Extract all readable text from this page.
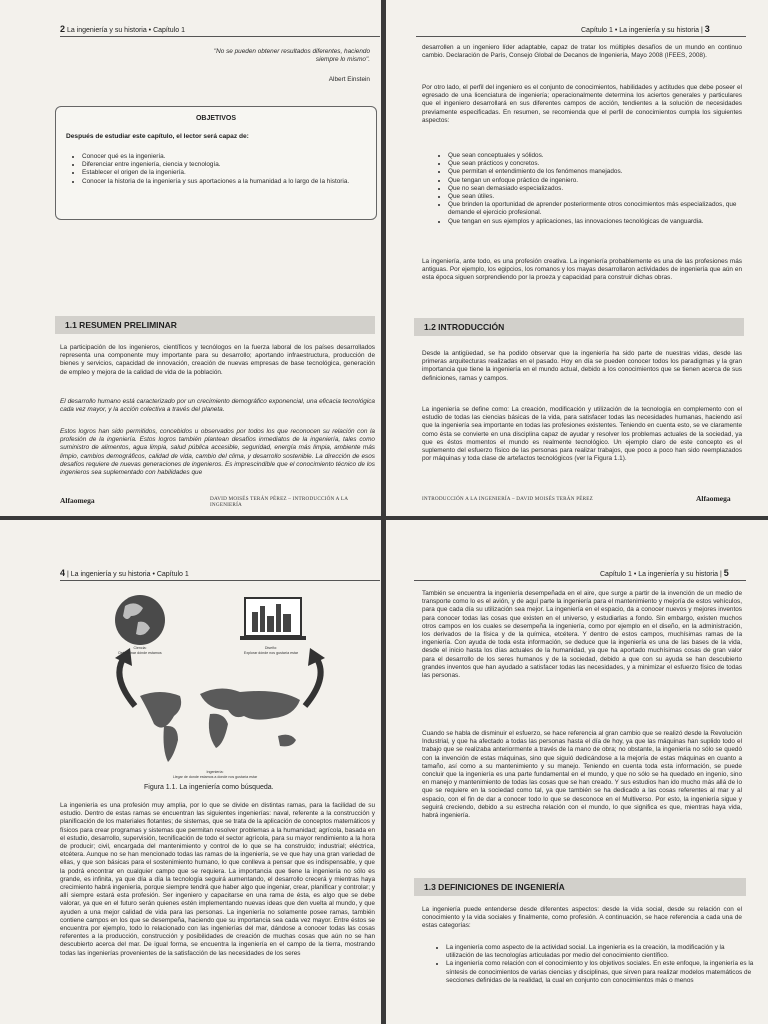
2 La ingeniería y su historia • Capítulo 1
"No se pueden obtener resultados diferentes, haciendo siempre lo mismo".
Albert Einstein
OBJETIVOS
Después de estudiar este capítulo, el lector será capaz de:
• Conocer qué es la ingeniería.
• Diferenciar entre ingeniería, ciencia y tecnología.
• Establecer el origen de la ingeniería.
• Conocer la historia de la ingeniería y sus aportaciones a la humanidad a lo largo de la historia.
1.1 RESUMEN PRELIMINAR

La participación de los ingenieros, científicos y tecnólogos en la fuerza laboral de los países desarrollados representa una componente muy importante para su desarrollo; aportando infraestructura, producción de bienes y servicios, capacidad de innovación, creación de nuevas empresas de base tecnológica, generación de empleo y mejora de la calidad de vida de la población.

El desarrollo humano está caracterizado por un crecimiento demográfico exponencial, una eficacia tecnológica cada vez mayor, y la acción colectiva a través del planeta.

Estos logros han sido permitidos, concebidos u observados por todos los que reconocen su relación con la profesión de la ingeniería. Estos logros también plantean desafíos inmediatos de la ingeniería, tales como suministro de alimentos, agua limpia, salud pública accesible, seguridad, energía más limpia, ambiente más limpio, cambios demográficos, calidad de vida, cambio del clima, y desarrollo sostenible. La dirección de esos desafíos requiere de nuevas generaciones de ingenieros. Es imprescindible que el conocimiento técnico de los ingenieros sea suplementado con habilidades que

Alfaomega	DAVID MOISÉS TERÁN PÉREZ – INTRODUCCIÓN A LA INGENIERÍA
Capítulo 1 • La ingeniería y su historia | 3

desarrollen a un ingeniero líder adaptable, capaz de tratar los múltiples desafíos de un mundo en continuo cambio. Declaración de París, Consejo Global de Decanos de Ingeniería, Mayo 2008 (IFEES, 2008).

Por otro lado, el perfil del ingeniero es el conjunto de conocimientos, habilidades y actitudes que debe poseer el egresado de una licenciatura de ingeniería; operacionalmente determina los aciertos generales y particulares que el ingeniero desarrollará en sus diferentes campos de acción, tendientes a la solución de necesidades previamente especificadas. En resumen, se recomienda que el perfil de conocimientos cumpla los siguientes aspectos:

• Que sean conceptuales y sólidos.
• Que sean prácticos y concretos.
• Que permitan el entendimiento de los fenómenos manejados.
• Que tengan un enfoque práctico de ingeniero.
• Que no sean demasiado especializados.
• Que sean útiles.
• Que brinden la oportunidad de aprender posteriormente otros conocimientos más especializados, que demande el ejercicio profesional.
• Que tengan en sus ejemplos y aplicaciones, las innovaciones tecnológicas de vanguardia.

La ingeniería, ante todo, es una profesión creativa. La ingeniería probablemente es una de las profesiones más antiguas. Por ejemplo, los egipcios, los romanos y los mayas desarrollaron actividades de ingeniería que aún en esta época siguen sorprendiendo por la proeza y capacidad para construir dichas obras.

1.2 INTRODUCCIÓN

Desde la antigüedad, se ha podido observar que la ingeniería ha sido parte de nuestras vidas, desde las primeras arquitecturas realizadas en el pasado. Hoy en día se pueden conocer todos los paradigmas y la gran importancia que tiene la ingeniería en el mundo actual, debido a los conocimientos que se tienen acerca de sus definiciones, ramas y campos.

La ingeniería se define como: La creación, modificación y utilización de la tecnología en complemento con el estudio de todas las ciencias básicas de la vida, para satisfacer todas las necesidades humanas, haciendo así que la ingeniería sea importante en todas las profesiones existentes. Teniendo en cuenta esto, se ve claramente como ésta se convierte en una disciplina capaz de ayudar y resolver los problemas actuales de la sociedad, ya que es éstos momentos el mundo es realmente tecnológico. Un ejemplo claro de este concepto es el suplemento del esfuerzo físico de las personas para realizar trabajos, que poco a poco han sido reemplazados por máquinas y toda clase de artefactos tecnológicos (ver la Figura 1.1).

INTRODUCCIÓN A LA INGENIERÍA – DAVID MOISÉS TERÁN PÉREZ	Alfaomega
4 | La ingeniería y su historia • Capítulo 1
Ciencia:
Determinar dónde estamos
Diseño:
Explorar dónde nos gustaría estar
Ingeniería:
Llegar de donde estamos a donde nos gustaría estar
Figura 1.1. La ingeniería como búsqueda.

La ingeniería es una profesión muy amplia, por lo que se divide en distintas ramas, para la facilidad de su estudio. Dentro de estas ramas se encuentran las siguientes ingenierías: naval, referente a la construcción y planificación de los materiales flotantes; de sistemas, que se trata de la aplicación de conceptos matemáticos y físicos para crear programas y sistemas que permitan resolver problemas a la humanidad; agrícola, basada en el estudio, desarrollo, supervisión, tecnificación de todo el sector agrícola, para su mayor rendimiento a la hora de producir; civil, encargada del mantenimiento y control de lo que se ha construido; industrial; eléctrica, etcétera. Aunque no se han mencionado todas las ramas de la ingeniería, se ve que hay una gran variedad de ellas, y que son básicas para el sostenimiento humano, lo que conlleva a pensar que es indispensable, y que la podrá encontrar en cualquier campo que se requiera. La importancia que tiene la ingeniería no sólo es grande, es infinita, ya que día a día la tecnología seguirá aumentando, el desarrollo crecerá y mientras haya crecimiento habrá ingeniería, porque siempre tendrá que haber algo que ingeniar, crear, planificar y controlar; y allí siempre estará esta profesión. Ser ingeniero y capacitarse en una rama de ésta, es algo que se debe valorar, ya que en el futuro serán quienes estén implementando nuevas ideas que den vuelta al mundo, y que ayuden a una mejor calidad de vida para las personas. La ingeniería no solamente posee ramas, también contiene campos en los que se desempeña, haciendo que su importancia sea cada vez mayor. Entre éstos se encuentra por ejemplo, todo lo relacionado con las ingenierías del mar, dándose a conocer todas las cosas referentes a la producción, construcción y posibilidades de creación de muchas cosas que aún no se han descubierto acerca del mar. De igual forma, se encuentra la ingeniería en el campo de la tierra, mostrando todas las ingenierías provenientes de la satisfacción de las necesidades de los seres

Capítulo 1 • La ingeniería y su historia | 5

También se encuentra la ingeniería desempeñada en el aire, que surge a partir de la invención de un medio de transporte como lo es el avión, y de aquí parte la ingeniería para el mantenimiento y mejoría de estos vehículos, para que cada día su utilización sea mejor. La ingeniería en el espacio, da a conocer nuevos y mejores inventos para conocer todas las cosas que existen en el universo, y estudiarlas a fondo. Sin embargo, existen muchos otros campos en los cuales se desempeña la ingeniería, como por ejemplo en el diseño, en la administración, los derivados de la física y de la química, etcétera. Y dentro de estos campos, muchísimas ramas de la ingeniería. Con ayuda de toda esta información, se deduce que la ingeniería es una de las bases de la vida, desde el inicio hasta los días actuales de la humanidad, ya que ha aportado muchísimas cosas de gran valor para el desarrollo de los seres humanos y de la sociedad, debido a que con su ayuda se han descubierto grandes inventos que han ayudado a satisfacer todas las necesidades, y a minimizar el esfuerzo físico de todas las personas.

Cuando se habla de disminuir el esfuerzo, se hace referencia al gran cambio que se realizó desde la Revolución Industrial, y que ha afectado a todas las personas hasta el día de hoy, ya que las máquinas han suplido todo el trabajo que se realizaba anteriormente a través de la mano de obra; no obstante, la ingeniería no sólo se quedó con la invención de estas máquinas, sino que siguió dedicándose a la mejoría de estas máquinas en cuanto a tamaño, así como a su mantenimiento y su manejo. Teniendo en cuenta toda esta información, se puede concluir que la ingeniería es una parte fundamental en el mundo, y que no sólo se ha quedado en ingenio, sino en manejo y mantenimiento de todas las cosas que se han creado. Y sus estudios han ido mucho más allá de lo que se requiere en la sociedad como tal, ya que también se ha dedicado a las cosas referentes al mar y al espacio, con el fin de dar a conocer todo lo que se desconoce en el Multiverso. Por esto, la ingeniería sigue y seguirá creciendo, debido a su estrecha relación con el mundo, lo que significa es que, mientras haya vida, habrá ingeniería.

1.3 DEFINICIONES DE INGENIERÍA

La ingeniería puede entenderse desde diferentes aspectos: desde la vida social, desde su relación con el conocimiento y la vida sociales y finalmente, como profesión. A continuación, se hace referencia a cada una de estas categorías:

• La ingeniería como aspecto de la actividad social. La ingeniería es la creación, la modificación y la utilización de las tecnologías articuladas por medio del conocimiento científico.
• La ingeniería como relación con el conocimiento y los objetivos sociales. En este enfoque, la ingeniería es la síntesis de conocimientos de varias ciencias y disciplinas, que sirven para realizar modelos matemáticos de secciones definidas de la realidad, la cual en conjunto con conocimientos más o menos
